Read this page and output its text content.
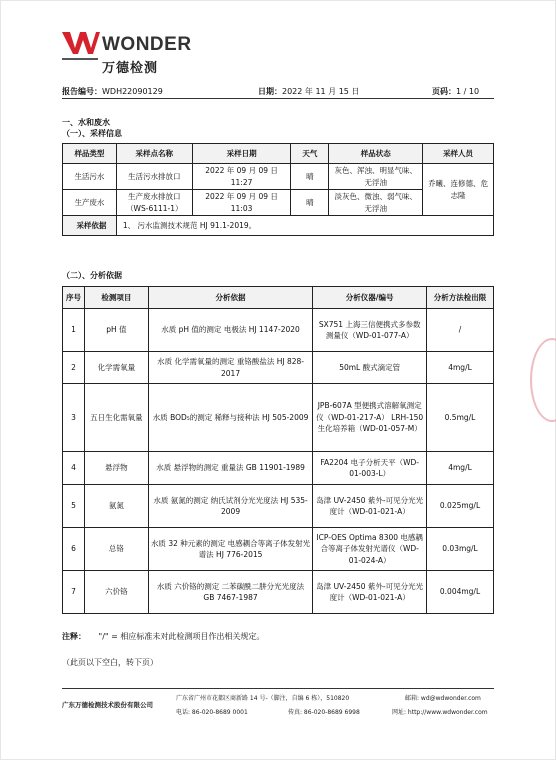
WONDER
万德检测
报告编号：WDH22090129	日期：2022 年 11 月 15 日	页码：1 / 10
一、水和废水
（一）、采样信息
样品类型	采样点名称	采样日期	天气	样品状态	采样人员
生活污水	生活污水排放口	2022 年 09 月 09 日 11:27	晴	灰色、浑浊、明显气味、无浮油	乔曦、连修德、危志隆
生产废水	生产废水排放口（WS-6111-1）	2022 年 09 月 09 日 11:03	晴	淡灰色、微浊、弱气味、无浮油	
采样依据	1、 污水监测技术规范 HJ 91.1-2019。				
（二）、分析依据
序号	检测项目	分析依据	分析仪器/编号	分析方法检出限
1	pH 值	水质 pH 值的测定 电极法 HJ 1147-2020	SX751 上海三信便携式多参数测量仪（WD-01-077-A）	/
2	化学需氧量	水质 化学需氧量的测定 重铬酸盐法 HJ 828-2017	50mL 酸式滴定管	4mg/L
3	五日生化需氧量	水质 BOD₅的测定 稀释与接种法 HJ 505-2009	JPB-607A 型便携式溶解氧测定仪（WD-01-217-A） LRH-150 生化培养箱（WD-01-057-M）	0.5mg/L
4	悬浮物	水质 悬浮物的测定 重量法 GB 11901-1989	FA2204 电子分析天平（WD-01-003-L）	4mg/L
5	氨氮	水质 氨氮的测定 纳氏试剂分光光度法 HJ 535-2009	岛津 UV-2450 紫外-可见分光光度计（WD-01-021-A）	0.025mg/L
6	总铬	水质 32 种元素的测定 电感耦合等离子体发射光谱法 HJ 776-2015	ICP-OES Optima 8300 电感耦合等离子体发射光谱仪（WD-01-024-A）	0.03mg/L
7	六价铬	水质 六价铬的测定 二苯碳酰二肼分光光度法 GB 7467-1987	岛津 UV-2450 紫外-可见分光光度计（WD-01-021-A）	0.004mg/L
注释： "/" = 相应标准未对此检测项目作出相关规定。
（此页以下空白，转下页）
广东万德检测技术股份有限公司
广东省广州市花都区商新路 14 号-（脚注，自编 6 栋），510820	邮箱: wd@wdwonder.com
电话: 86-020-8689 0001	传真: 86-020-8689 6998	网址: http://www.wdwonder.com
